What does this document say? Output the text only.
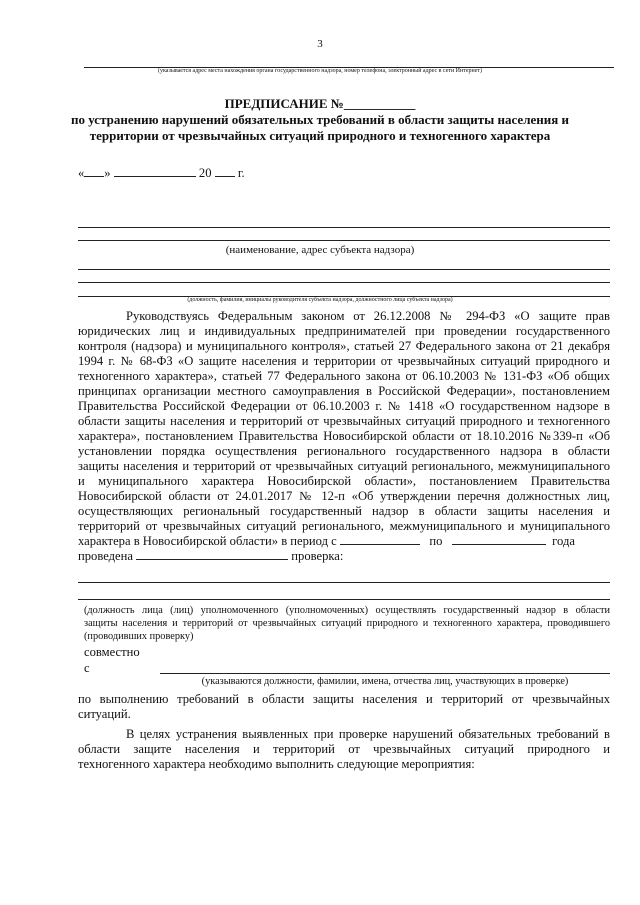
3
(указывается адрес места нахождения органа государственного надзора, номер телефона, электронный адрес в сети Интернет)
ПРЕДПИСАНИЕ №___________
по устранению нарушений обязательных требований в области защиты населения и
территории от чрезвычайных ситуаций природного и техногенного характера
« »	20 г.
(наименование, адрес субъекта надзора)
(должность, фамилия, инициалы руководителя субъекта надзора, должностного лица субъекта надзора)
Руководствуясь Федеральным законом от 26.12.2008 № 294-ФЗ «О защите прав
юридических лиц и индивидуальных предпринимателей при проведении государственного
контроля (надзора) и муниципального контроля», статьей 27 Федерального закона от 21 декабря
1994 г. № 68-ФЗ «О защите населения и территории от чрезвычайных ситуаций природного и
техногенного характера», статьей 77 Федерального закона от 06.10.2003 № 131-ФЗ «Об общих
принципах организации местного самоуправления в Российской Федерации», постановлением
Правительства Российской Федерации от 06.10.2003 г. № 1418 «О государственном надзоре в
области защиты населения и территорий от чрезвычайных ситуаций природного и техногенного
характера», постановлением Правительства Новосибирской области от 18.10.2016 №339-п «Об
установлении порядка осуществления регионального государственного надзора в области
защиты населения и территорий от чрезвычайных ситуаций регионального, межмуниципального
и муниципального характера Новосибирской области», постановлением Правительства
Новосибирской области от 24.01.2017 № 12-п «Об утверждении перечня должностных лиц,
осуществляющих региональный государственный надзор в области защиты населения и
территорий от чрезвычайных ситуаций регионального, межмуниципального и муниципального
характера в Новосибирской области» в период с	по	года
проведена	проверка:
(должность лица (лиц) уполномоченного (уполномоченных) осуществлять государственный надзор в области
защиты населения и территорий от чрезвычайных ситуаций природного и техногенного характера, проводившего
(проводивших проверку)
совместно
с
(указываются должности, фамилии, имена, отчества лиц, участвующих в проверке)
по выполнению требований в области защиты населения и территорий от чрезвычайных
ситуаций.
В целях устранения выявленных при проверке нарушений обязательных требований в
области защите населения и территорий от чрезвычайных ситуаций природного и
техногенного характера необходимо выполнить следующие мероприятия:
